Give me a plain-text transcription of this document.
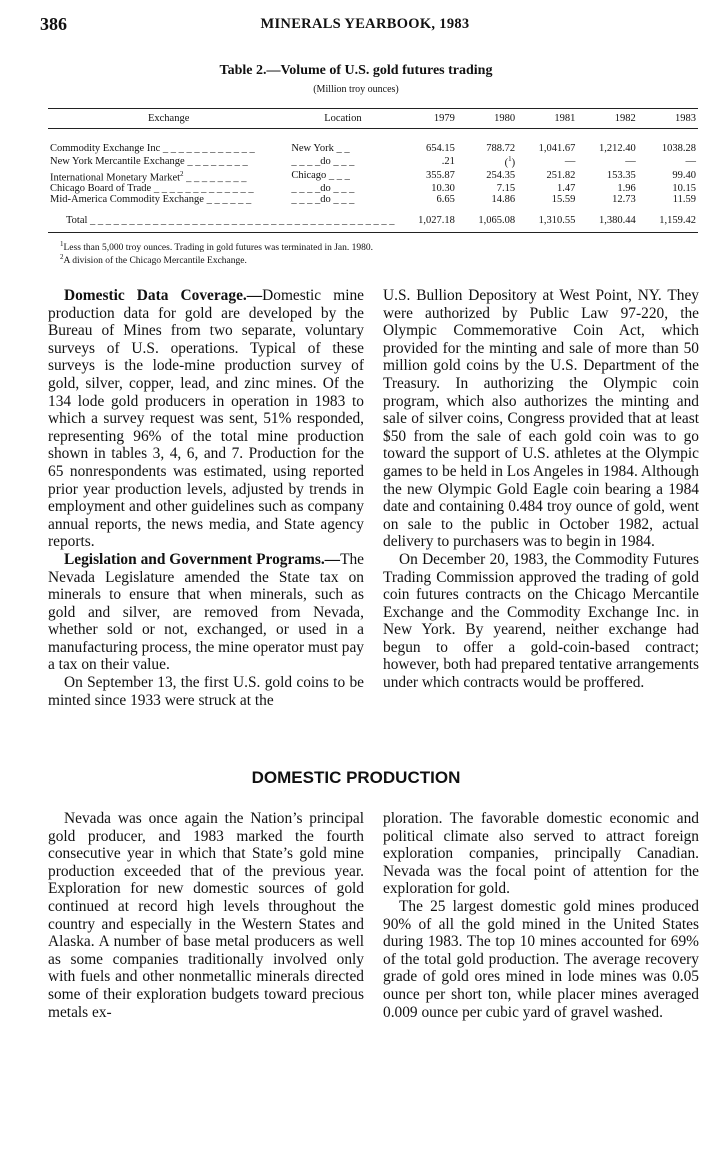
386	MINERALS YEARBOOK, 1983
Table 2.—Volume of U.S. gold futures trading
(Million troy ounces)
Exchange	Location	1979	1980	1981	1982	1983
Commodity Exchange Inc _ _ _ _ _ _ _ _ _ _ _ _	New York _ _	654.15	788.72	1,041.67	1,212.40	1038.28
New York Mercantile Exchange _ _ _ _ _ _ _ _	_ _ _ _do _ _ _	.21	($^1$)	—	—	—
International Monetary Market$^2$ _ _ _ _ _ _ _ _	Chicago _ _ _	355.87	254.35	251.82	153.35	99.40
Chicago Board of Trade _ _ _ _ _ _ _ _ _ _ _ _ _	_ _ _ _do _ _ _	10.30	7.15	1.47	1.96	10.15
Mid-America Commodity Exchange _ _ _ _ _ _	_ _ _ _do _ _ _	6.65	14.86	15.59	12.73	11.59
Total _ _ _ _ _ _ _ _ _ _ _ _ _ _ _ _ _ _ _ _ _ _ _ _ _ _ _ _ _ _ _ _ _ _ _ _ _ _ _		1,027.18	1,065.08	1,310.55	1,380.44	1,159.42
$^1$Less than 5,000 troy ounces. Trading in gold futures was terminated in Jan. 1980.
$^2$A division of the Chicago Mercantile Exchange.

Domestic Data Coverage.—Domestic mine production data for gold are developed by the Bureau of Mines from two separate, voluntary surveys of U.S. operations. Typical of these surveys is the lode-mine production survey of gold, silver, copper, lead, and zinc mines. Of the 134 lode gold producers in operation in 1983 to which a survey request was sent, 51% responded, representing 96% of the total mine production shown in tables 3, 4, 6, and 7. Production for the 65 nonrespondents was estimated, using reported prior year production levels, adjusted by trends in employment and other guidelines such as company annual reports, the news media, and State agency reports.

Legislation and Government Programs.—The Nevada Legislature amended the State tax on minerals to ensure that when minerals, such as gold and silver, are removed from Nevada, whether sold or not, exchanged, or used in a manufacturing process, the mine operator must pay a tax on their value.

On September 13, the first U.S. gold coins to be minted since 1933 were struck at the

U.S. Bullion Depository at West Point, NY. They were authorized by Public Law 97-220, the Olympic Commemorative Coin Act, which provided for the minting and sale of more than 50 million gold coins by the U.S. Department of the Treasury. In authorizing the Olympic coin program, which also authorizes the minting and sale of silver coins, Congress provided that at least $50 from the sale of each gold coin was to go toward the support of U.S. athletes at the Olympic games to be held in Los Angeles in 1984. Although the new Olympic Gold Eagle coin bearing a 1984 date and containing 0.484 troy ounce of gold, went on sale to the public in October 1982, actual delivery to purchasers was to begin in 1984.

On December 20, 1983, the Commodity Futures Trading Commission approved the trading of gold coin futures contracts on the Chicago Mercantile Exchange and the Commodity Exchange Inc. in New York. By yearend, neither exchange had begun to offer a gold-coin-based contract; however, both had prepared tentative arrangements under which contracts would be proffered.

DOMESTIC PRODUCTION

Nevada was once again the Nation’s principal gold producer, and 1983 marked the fourth consecutive year in which that State’s gold mine production exceeded that of the previous year. Exploration for new domestic sources of gold continued at record high levels throughout the country and especially in the Western States and Alaska. A number of base metal producers as well as some companies traditionally involved only with fuels and other nonmetallic minerals directed some of their exploration budgets toward precious metals ex-

ploration. The favorable domestic economic and political climate also served to attract foreign exploration companies, principally Canadian. Nevada was the focal point of attention for the exploration for gold.

The 25 largest domestic gold mines produced 90% of all the gold mined in the United States during 1983. The top 10 mines accounted for 69% of the total gold production. The average recovery grade of gold ores mined in lode mines was 0.05 ounce per short ton, while placer mines averaged 0.009 ounce per cubic yard of gravel washed.
